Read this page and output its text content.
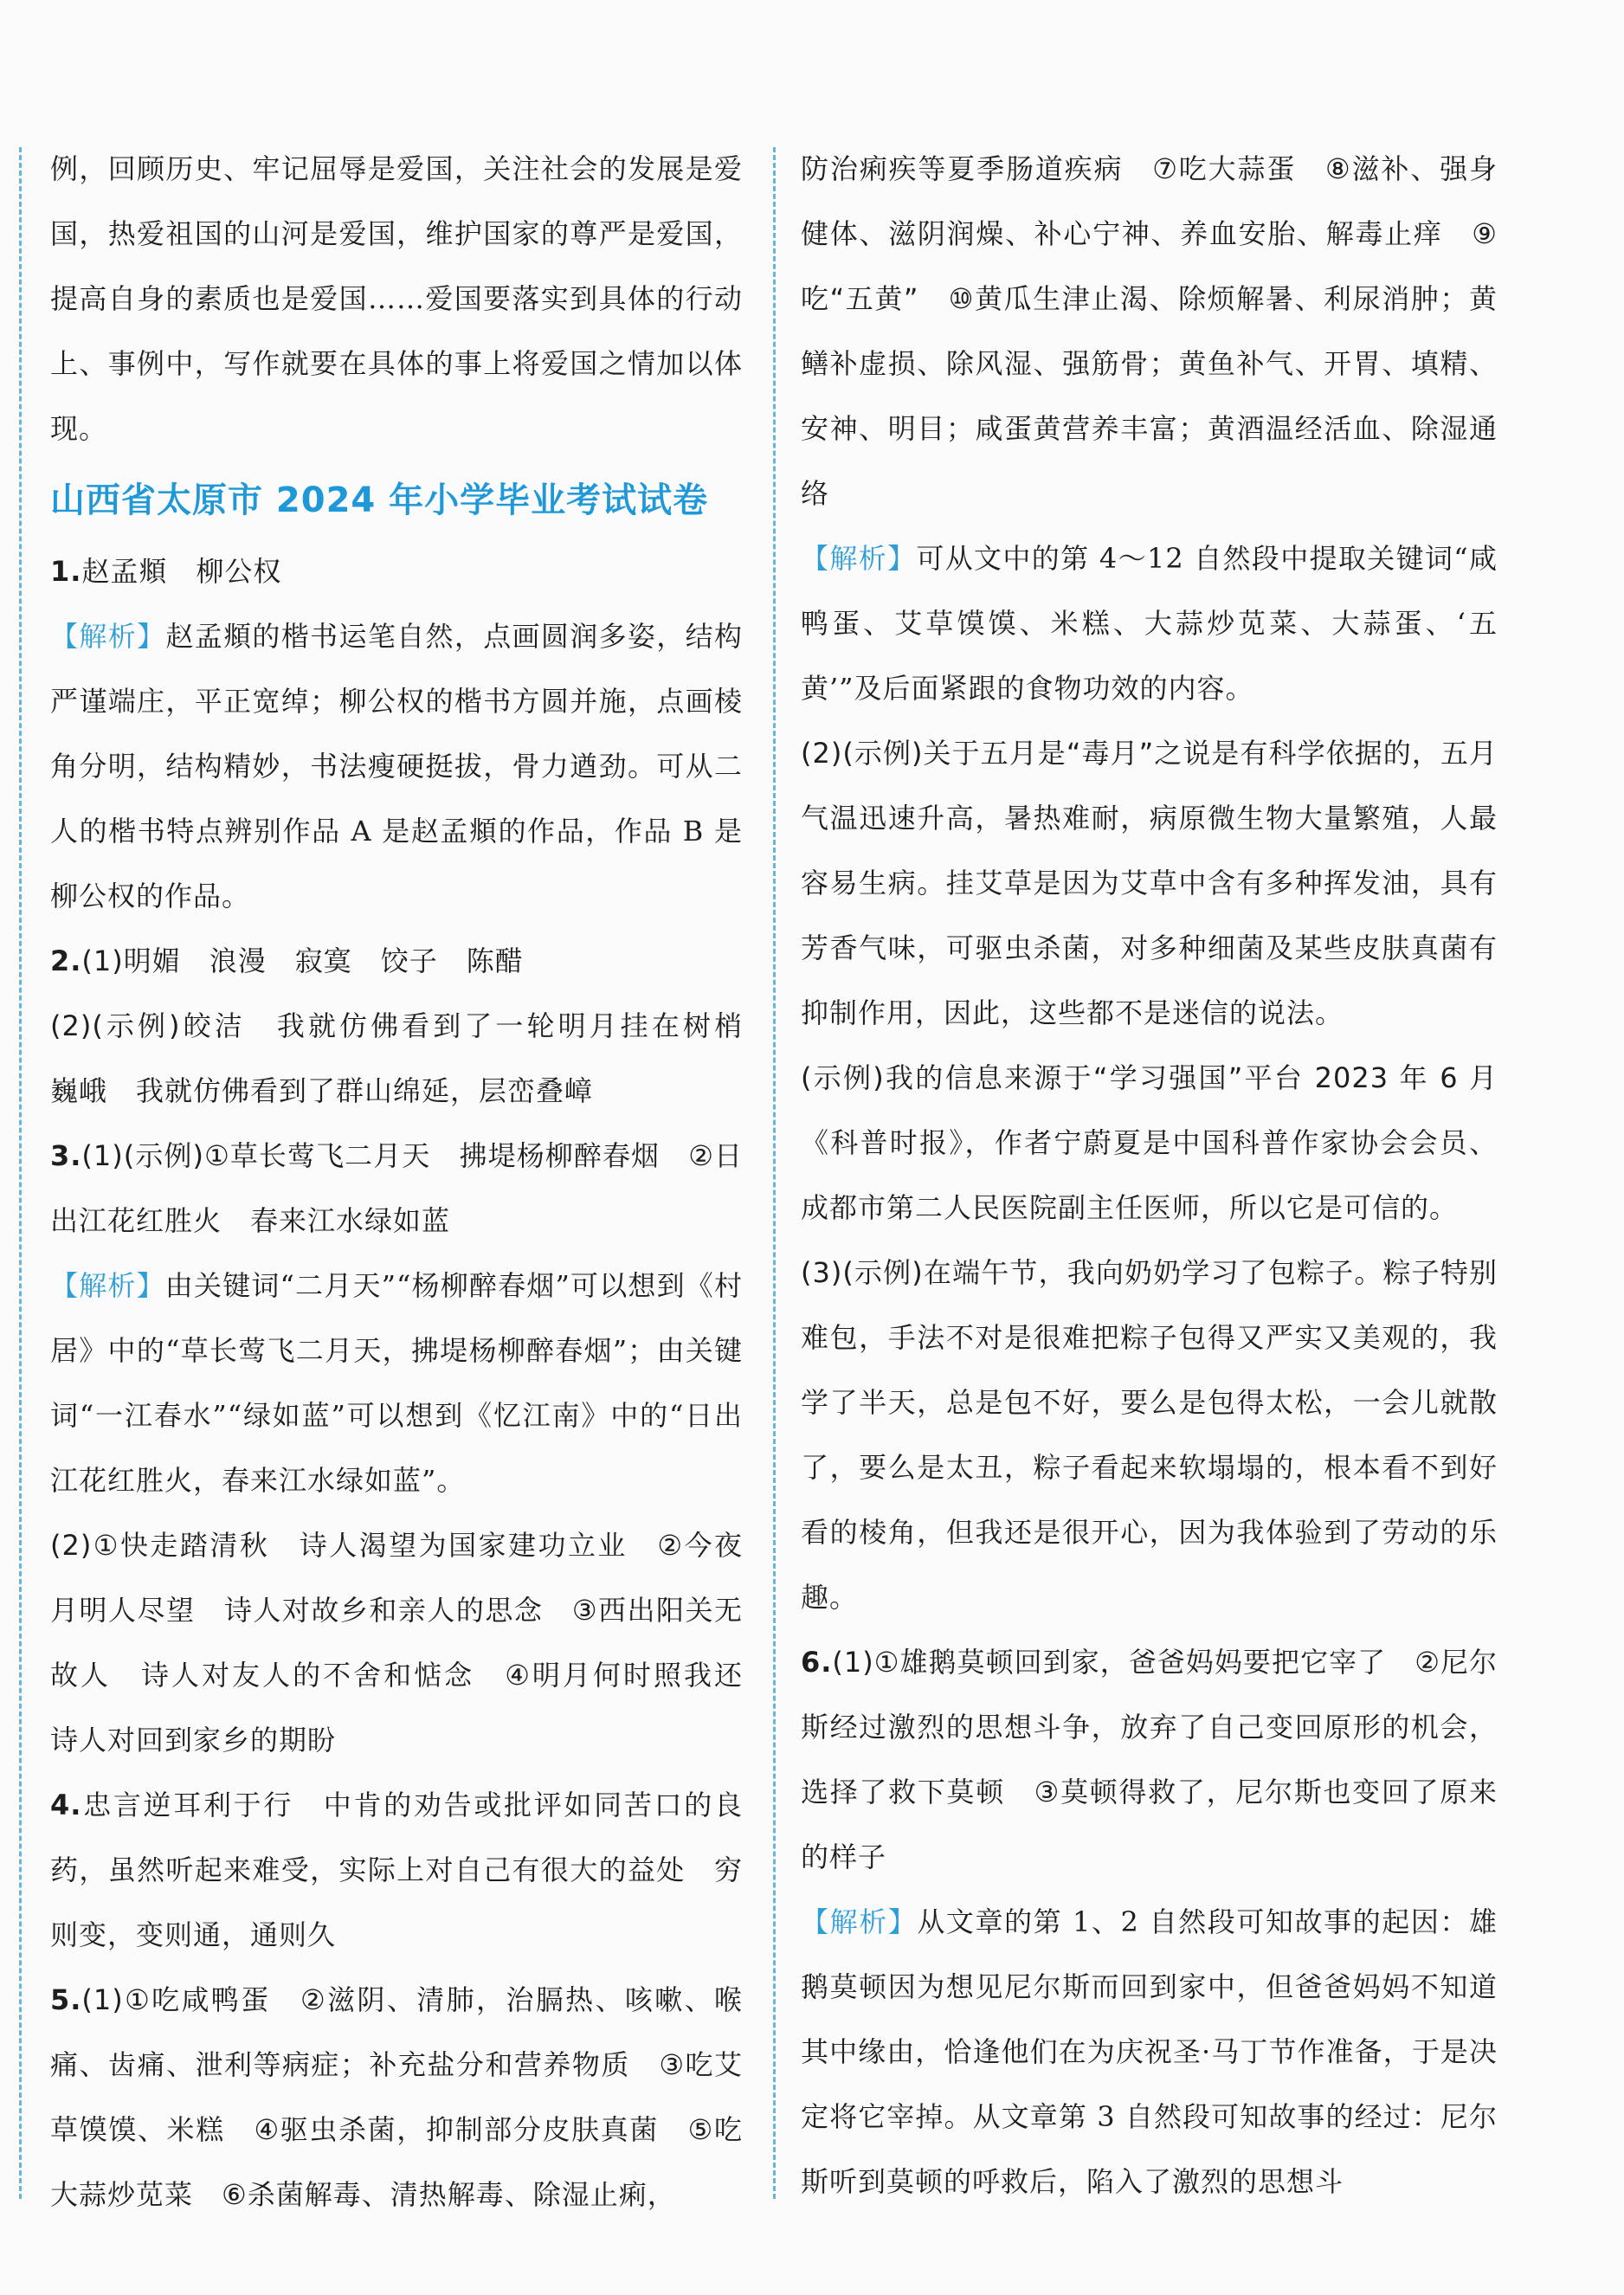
例，回顾历史、牢记屈辱是爱国，关注社会的发展是爱国，热爱祖国的山河是爱国，维护国家的尊严是爱国，提高自身的素质也是爱国……爱国要落实到具体的行动上、事例中，写作就要在具体的事上将爱国之情加以体现。

山西省太原市 2024 年小学毕业考试试卷

1.赵孟頫　柳公权

【解析】赵孟頫的楷书运笔自然，点画圆润多姿，结构严谨端庄，平正宽绰；柳公权的楷书方圆并施，点画棱角分明，结构精妙，书法瘦硬挺拔，骨力遒劲。可从二人的楷书特点辨别作品 A 是赵孟頫的作品，作品 B 是柳公权的作品。

2.(1)明媚　浪漫　寂寞　饺子　陈醋

(2)(示例)皎洁　我就仿佛看到了一轮明月挂在树梢　巍峨　我就仿佛看到了群山绵延，层峦叠嶂

3.(1)(示例)①草长莺飞二月天　拂堤杨柳醉春烟　②日出江花红胜火　春来江水绿如蓝

【解析】由关键词“二月天”“杨柳醉春烟”可以想到《村居》中的“草长莺飞二月天，拂堤杨柳醉春烟”；由关键词“一江春水”“绿如蓝”可以想到《忆江南》中的“日出江花红胜火，春来江水绿如蓝”。

(2)①快走踏清秋　诗人渴望为国家建功立业　②今夜月明人尽望　诗人对故乡和亲人的思念　③西出阳关无故人　诗人对友人的不舍和惦念　④明月何时照我还　诗人对回到家乡的期盼

4.忠言逆耳利于行　中肯的劝告或批评如同苦口的良药，虽然听起来难受，实际上对自己有很大的益处　穷则变，变则通，通则久

5.(1)①吃咸鸭蛋　②滋阴、清肺，治膈热、咳嗽、喉痛、齿痛、泄利等病症；补充盐分和营养物质　③吃艾草馍馍、米糕　④驱虫杀菌，抑制部分皮肤真菌　⑤吃大蒜炒苋菜　⑥杀菌解毒、清热解毒、除湿止痢，

防治痢疾等夏季肠道疾病　⑦吃大蒜蛋　⑧滋补、强身健体、滋阴润燥、补心宁神、养血安胎、解毒止痒　⑨吃“五黄”　⑩黄瓜生津止渴、除烦解暑、利尿消肿；黄鳝补虚损、除风湿、强筋骨；黄鱼补气、开胃、填精、安神、明目；咸蛋黄营养丰富；黄酒温经活血、除湿通络

【解析】可从文中的第 4～12 自然段中提取关键词“咸鸭蛋、艾草馍馍、米糕、大蒜炒苋菜、大蒜蛋、‘五黄’”及后面紧跟的食物功效的内容。

(2)(示例)关于五月是“毒月”之说是有科学依据的，五月气温迅速升高，暑热难耐，病原微生物大量繁殖，人最容易生病。挂艾草是因为艾草中含有多种挥发油，具有芳香气味，可驱虫杀菌，对多种细菌及某些皮肤真菌有抑制作用，因此，这些都不是迷信的说法。

(示例)我的信息来源于“学习强国”平台 2023 年 6 月《科普时报》，作者宁蔚夏是中国科普作家协会会员、成都市第二人民医院副主任医师，所以它是可信的。

(3)(示例)在端午节，我向奶奶学习了包粽子。粽子特别难包，手法不对是很难把粽子包得又严实又美观的，我学了半天，总是包不好，要么是包得太松，一会儿就散了，要么是太丑，粽子看起来软塌塌的，根本看不到好看的棱角，但我还是很开心，因为我体验到了劳动的乐趣。

6.(1)①雄鹅莫顿回到家，爸爸妈妈要把它宰了　②尼尔斯经过激烈的思想斗争，放弃了自己变回原形的机会，选择了救下莫顿　③莫顿得救了，尼尔斯也变回了原来的样子

【解析】从文章的第 1、2 自然段可知故事的起因：雄鹅莫顿因为想见尼尔斯而回到家中，但爸爸妈妈不知道其中缘由，恰逢他们在为庆祝圣·马丁节作准备，于是决定将它宰掉。从文章第 3 自然段可知故事的经过：尼尔斯听到莫顿的呼救后，陷入了激烈的思想斗
